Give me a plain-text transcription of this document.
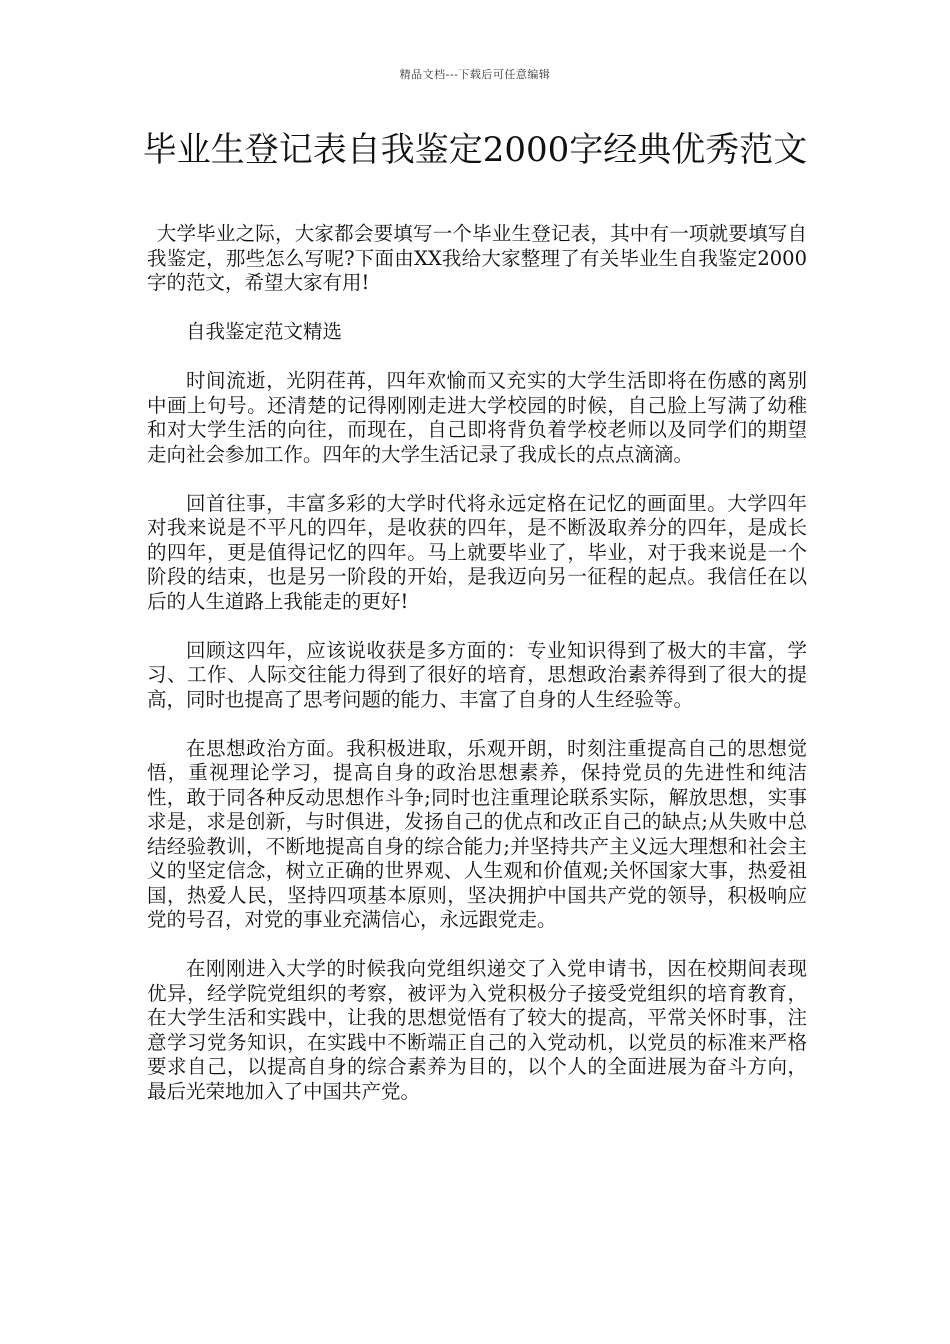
精品文档---下载后可任意编辑
毕业生登记表自我鉴定2000字经典优秀范文

大学毕业之际，大家都会要填写一个毕业生登记表，其中有一项就要填写自我鉴定，那些怎么写呢?下面由XX我给大家整理了有关毕业生自我鉴定2000字的范文，希望大家有用!

自我鉴定范文精选

时间流逝，光阴荏苒，四年欢愉而又充实的大学生活即将在伤感的离别中画上句号。还清楚的记得刚刚走进大学校园的时候，自己脸上写满了幼稚和对大学生活的向往，而现在，自己即将背负着学校老师以及同学们的期望走向社会参加工作。四年的大学生活记录了我成长的点点滴滴。

回首往事，丰富多彩的大学时代将永远定格在记忆的画面里。大学四年对我来说是不平凡的四年，是收获的四年，是不断汲取养分的四年，是成长的四年，更是值得记忆的四年。马上就要毕业了，毕业，对于我来说是一个阶段的结束，也是另一阶段的开始，是我迈向另一征程的起点。我信任在以后的人生道路上我能走的更好!

回顾这四年，应该说收获是多方面的：专业知识得到了极大的丰富，学习、工作、人际交往能力得到了很好的培育，思想政治素养得到了很大的提高，同时也提高了思考问题的能力、丰富了自身的人生经验等。

在思想政治方面。我积极进取，乐观开朗，时刻注重提高自己的思想觉悟，重视理论学习，提高自身的政治思想素养，保持党员的先进性和纯洁性，敢于同各种反动思想作斗争;同时也注重理论联系实际，解放思想，实事求是，求是创新，与时俱进，发扬自己的优点和改正自己的缺点;从失败中总结经验教训，不断地提高自身的综合能力;并坚持共产主义远大理想和社会主义的坚定信念，树立正确的世界观、人生观和价值观;关怀国家大事，热爱祖国，热爱人民，坚持四项基本原则，坚决拥护中国共产党的领导，积极响应党的号召，对党的事业充满信心，永远跟党走。

在刚刚进入大学的时候我向党组织递交了入党申请书，因在校期间表现优异，经学院党组织的考察，被评为入党积极分子接受党组织的培育教育，在大学生活和实践中，让我的思想觉悟有了较大的提高，平常关怀时事，注意学习党务知识，在实践中不断端正自己的入党动机，以党员的标准来严格要求自己，以提高自身的综合素养为目的，以个人的全面进展为奋斗方向，最后光荣地加入了中国共产党。
